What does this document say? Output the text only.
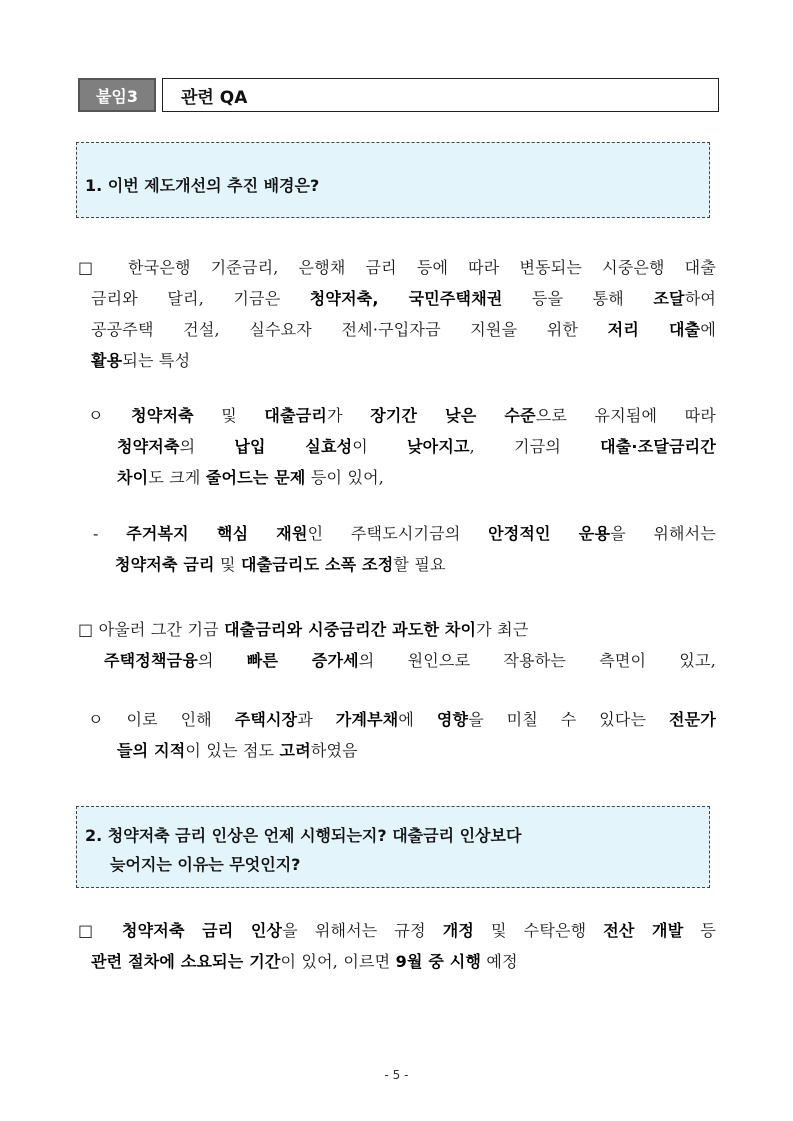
붙임3	관련 QA
1. 이번 제도개선의 추진 배경은?
□ 한국은행 기준금리, 은행채 금리 등에 따라 변동되는 시중은행 대출
금리와 달리, 기금은 청약저축, 국민주택채권 등을 통해 조달하여
공공주택 건설, 실수요자 전세·구입자금 지원을 위한 저리 대출에
활용되는 특성
ㅇ 청약저축 및 대출금리가 장기간 낮은 수준으로 유지됨에 따라
청약저축의 납입 실효성이 낮아지고, 기금의 대출·조달금리간
차이도 크게 줄어드는 문제 등이 있어,
- 주거복지 핵심 재원인 주택도시기금의 안정적인 운용을 위해서는
청약저축 금리 및 대출금리도 소폭 조정할 필요
□ 아울러 그간 기금 대출금리와 시중금리간 과도한 차이가 최근
주택정책금융의 빠른 증가세의 원인으로 작용하는 측면이 있고,
ㅇ 이로 인해 주택시장과 가계부채에 영향을 미칠 수 있다는 전문가
들의 지적이 있는 점도 고려하였음
2. 청약저축 금리 인상은 언제 시행되는지? 대출금리 인상보다
늦어지는 이유는 무엇인지?
□ 청약저축 금리 인상을 위해서는 규정 개정 및 수탁은행 전산 개발 등
관련 절차에 소요되는 기간이 있어, 이르면 9월 중 시행 예정
- 5 -
